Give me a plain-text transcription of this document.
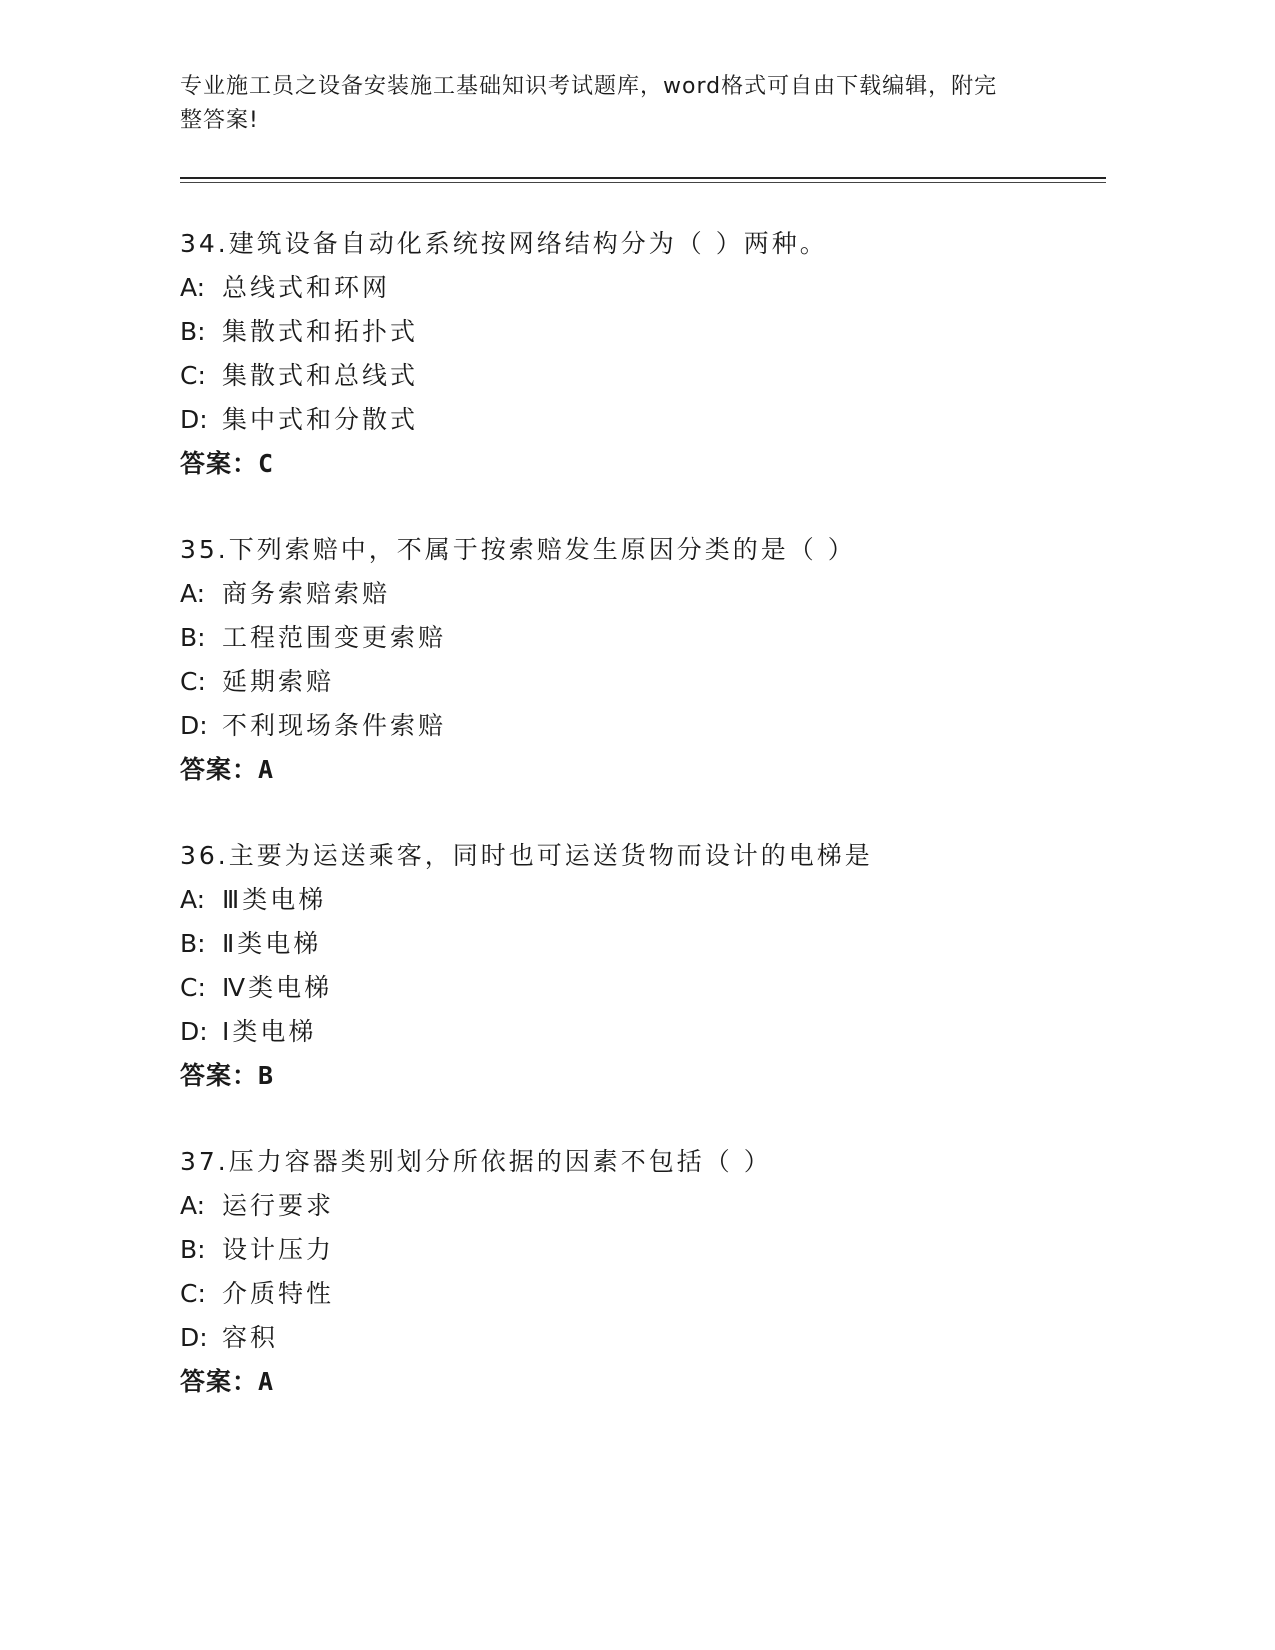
专业施工员之设备安装施工基础知识考试题库，word格式可自由下载编辑，附完
整答案!
34.建筑设备自动化系统按网络结构分为（ ）两种。
A: 总线式和环网
B: 集散式和拓扑式
C: 集散式和总线式
D: 集中式和分散式
答案：C
35.下列索赔中，不属于按索赔发生原因分类的是（ ）
A: 商务索赔索赔
B: 工程范围变更索赔
C: 延期索赔
D: 不利现场条件索赔
答案：A
36.主要为运送乘客，同时也可运送货物而设计的电梯是
A: Ⅲ类电梯
B: Ⅱ类电梯
C: Ⅳ类电梯
D: Ⅰ类电梯
答案：B
37.压力容器类别划分所依据的因素不包括（ ）
A: 运行要求
B: 设计压力
C: 介质特性
D: 容积
答案：A
